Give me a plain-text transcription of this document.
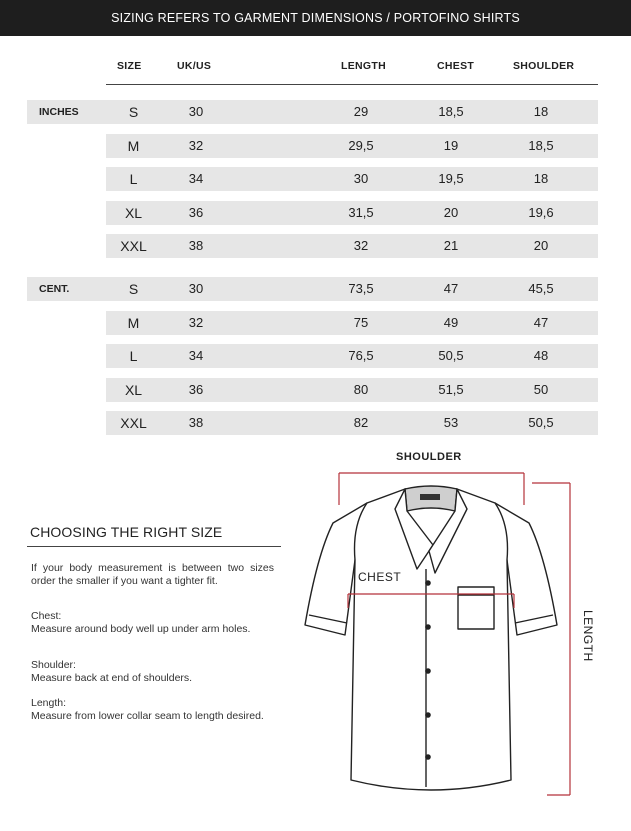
SIZING REFERS TO GARMENT DIMENSIONS / PORTOFINO SHIRTS
SIZE	UK/US	LENGTH	CHEST	SHOULDER
INCHES	S	30	29	18,5	18
M	32	29,5	19	18,5
L	34	30	19,5	18
XL	36	31,5	20	19,6
XXL	38	32	21	20
CENT.	S	30	73,5	47	45,5
M	32	75	49	47
L	34	76,5	50,5	48
XL	36	80	51,5	50
XXL	38	82	53	50,5
CHOOSING THE RIGHT SIZE
If your body measurement is between two sizes order the smaller if you want a tighter fit.
Chest:
Measure around body well up under arm holes.
Shoulder:
Measure back at end of shoulders.
Length:
Measure from lower collar seam to length desired.
SHOULDER
CHEST
LENGTH
